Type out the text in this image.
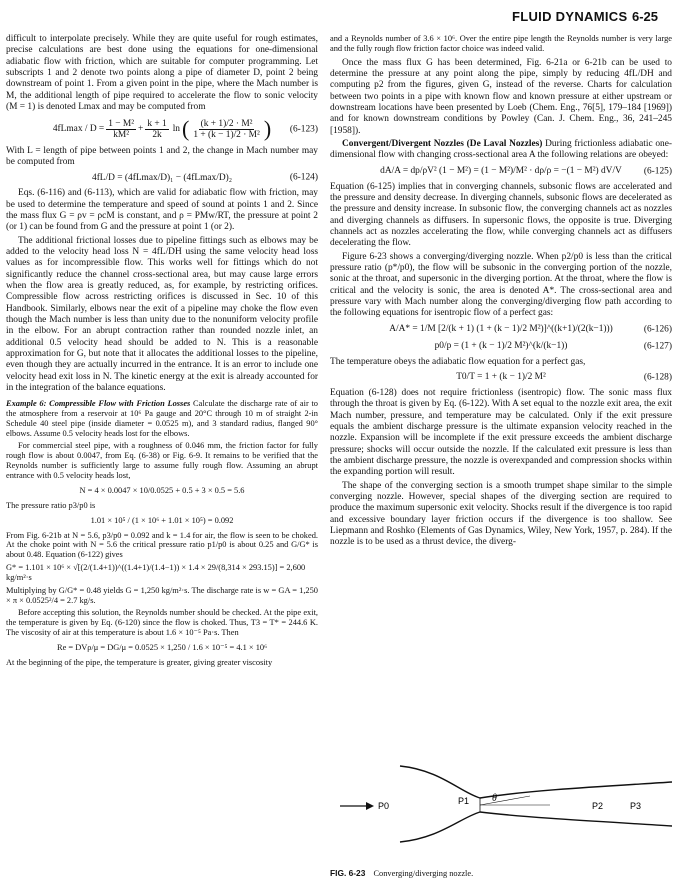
FLUID DYNAMICS 6-25

difficult to interpolate precisely. While they are quite useful for rough estimates, precise calculations are best done using the equations for one-dimensional adiabatic flow with friction, which are suitable for computer programming. Let subscripts 1 and 2 denote two points along a pipe of diameter D, point 2 being downstream of point 1. From a given point in the pipe, where the Mach number is M, the additional length of pipe required to accelerate the flow to sonic velocity (M = 1) is denoted Lmax and may be computed from

$4fLmax / D = \frac{\text{1 − M²}}{\text{kM²}} + \frac{k + 1}{2k}$ ln ( $\frac{\text{(k + 1)/2 · M²}}{\text{1 + (k − 1)/2 · M²}}$ ) (6-123)

With L = length of pipe between points 1 and 2, the change in Mach number may be computed from

4fL/D = (4fLmax/D)₁ − (4fLmax/D)₂	(6-124)

Eqs. (6-116) and (6-113), which are valid for adiabatic flow with friction, may be used to determine the temperature and speed of sound at points 1 and 2. Since the mass flux G = ρv = ρcM is constant, and ρ = PMw/RT, the pressure at point 2 (or 1) can be found from G and the pressure at point 1 (or 2).

The additional frictional losses due to pipeline fittings such as elbows may be added to the velocity head loss N = 4fL/DH using the same velocity head loss values as for incompressible flow. This works well for fittings which do not significantly reduce the channel cross-sectional area, but may cause large errors when the flow area is greatly reduced, as, for example, by restricting orifices. Compressible flow across restricting orifices is discussed in Sec. 10 of this Handbook. Similarly, elbows near the exit of a pipeline may choke the flow even though the Mach number is less than unity due to the nonuniform velocity profile in the elbow. For an abrupt contraction rather than rounded nozzle inlet, an additional 0.5 velocity head should be added to N. This is a reasonable approximation for G, but note that it allocates the additional losses to the pipeline, even though they are actually incurred in the entrance. It is an error to include one velocity head exit loss in N. The kinetic energy at the exit is already accounted for in the integration of the balance equations.

Example 6: Compressible Flow with Friction Losses Calculate the discharge rate of air to the atmosphere from a reservoir at 10⁶ Pa gauge and 20°C through 10 m of straight 2-in Schedule 40 steel pipe (inside diameter = 0.0525 m), and 3 standard radius, flanged 90° elbows. Assume 0.5 velocity heads lost for the elbows.

For commercial steel pipe, with a roughness of 0.046 mm, the friction factor for fully rough flow is about 0.0047, from Eq. (6-38) or Fig. 6-9. It remains to be verified that the Reynolds number is sufficiently large to assume fully rough flow. Assuming an abrupt entrance with 0.5 velocity heads lost,

N = 4 × 0.0047 × 10/0.0525 + 0.5 + 3 × 0.5 = 5.6

The pressure ratio p3/p0 is

1.01 × 10⁵ / (1 × 10⁶ + 1.01 × 10⁵) = 0.092

From Fig. 6-21b at N = 5.6, p3/p0 = 0.092 and k = 1.4 for air, the flow is seen to be choked. At the choke point with N = 5.6 the critical pressure ratio p1/p0 is about 0.25 and G/G* is about 0.48. Equation (6-122) gives

G* = 1.101 × 10⁶ × √[(2/(1.4+1))^((1.4+1)/(1.4−1)) × 1.4 × 29/(8,314 × 293.15)] = 2,600 kg/m²·s

Multiplying by G/G* = 0.48 yields G = 1,250 kg/m²·s. The discharge rate is w = GA = 1,250 × π × 0.0525²/4 = 2.7 kg/s.

Before accepting this solution, the Reynolds number should be checked. At the pipe exit, the temperature is given by Eq. (6-120) since the flow is choked. Thus, T3 = T* = 244.6 K. The viscosity of air at this temperature is about 1.6 × 10⁻⁵ Pa·s. Then

Re = DVρ/μ = DG/μ = 0.0525 × 1,250 / 1.6 × 10⁻⁵ = 4.1 × 10⁶

At the beginning of the pipe, the temperature is greater, giving greater viscosity

and a Reynolds number of 3.6 × 10⁶. Over the entire pipe length the Reynolds number is very large and the fully rough flow friction factor choice was indeed valid.

Once the mass flux G has been determined, Fig. 6-21a or 6-21b can be used to determine the pressure at any point along the pipe, simply by reducing 4fL/DH and computing p2 from the figures, given G, instead of the reverse. Charts for calculation between two points in a pipe with known flow and known pressure at either upstream or downstream locations have been presented by Loeb (Chem. Eng., 76[5], 179–184 [1969]) and for known downstream conditions by Powley (Can. J. Chem. Eng., 36, 241–245 [1958]).

Convergent/Divergent Nozzles (De Laval Nozzles) During frictionless adiabatic one-dimensional flow with changing cross-sectional area A the following relations are obeyed:

dA/A = dp/ρV² (1 − M²) = (1 − M²)/M² · dρ/ρ = −(1 − M²) dV/V (6-125)

Equation (6-125) implies that in converging channels, subsonic flows are accelerated and the pressure and density decrease. In diverging channels, subsonic flows are decelerated as the pressure and density increase. In subsonic flow, the converging channels act as nozzles and diverging channels as diffusers. In supersonic flows, the opposite is true. Diverging channels act as nozzles accelerating the flow, while converging channels act as diffusers decelerating the flow.

Figure 6-23 shows a converging/diverging nozzle. When p2/p0 is less than the critical pressure ratio (p*/p0), the flow will be subsonic in the converging portion of the nozzle, sonic at the throat, and supersonic in the diverging portion. At the throat, where the flow is critical and the velocity is sonic, the area is denoted A*. The cross-sectional area and pressure vary with Mach number along the converging/diverging flow path according to the following equations for isentropic flow of a perfect gas:

A/A* = 1/M [2/(k + 1) (1 + (k − 1)/2 M²)]^((k+1)/(2(k−1)))	(6-126)
p0/p = (1 + (k − 1)/2 M²)^(k/(k−1))	(6-127)

The temperature obeys the adiabatic flow equation for a perfect gas,

T0/T = 1 + (k − 1)/2 M²	(6-128)

Equation (6-128) does not require frictionless (isentropic) flow. The sonic mass flux through the throat is given by Eq. (6-122). With A set equal to the nozzle exit area, the exit Mach number, pressure, and temperature may be calculated. Only if the exit pressure equals the ambient discharge pressure is the ultimate expansion velocity reached in the nozzle. Expansion will be incomplete if the exit pressure exceeds the ambient discharge pressure; shocks will occur outside the nozzle. If the calculated exit pressure is less than the ambient discharge pressure, the nozzle is overexpanded and compression shocks within the expanding portion will result.

The shape of the converging section is a smooth trumpet shape similar to the simple converging nozzle. However, special shapes of the diverging section are required to produce the maximum supersonic exit velocity. Shocks result if the divergence is too rapid and excessive boundary layer friction occurs if the divergence is too shallow. See Liepmann and Roshko (Elements of Gas Dynamics, Wiley, New York, 1957, p. 284). If the nozzle is to be used as a thrust device, the diverg-

P0	P1 θ
P2	P3
FIG. 6-23 Converging/diverging nozzle.
